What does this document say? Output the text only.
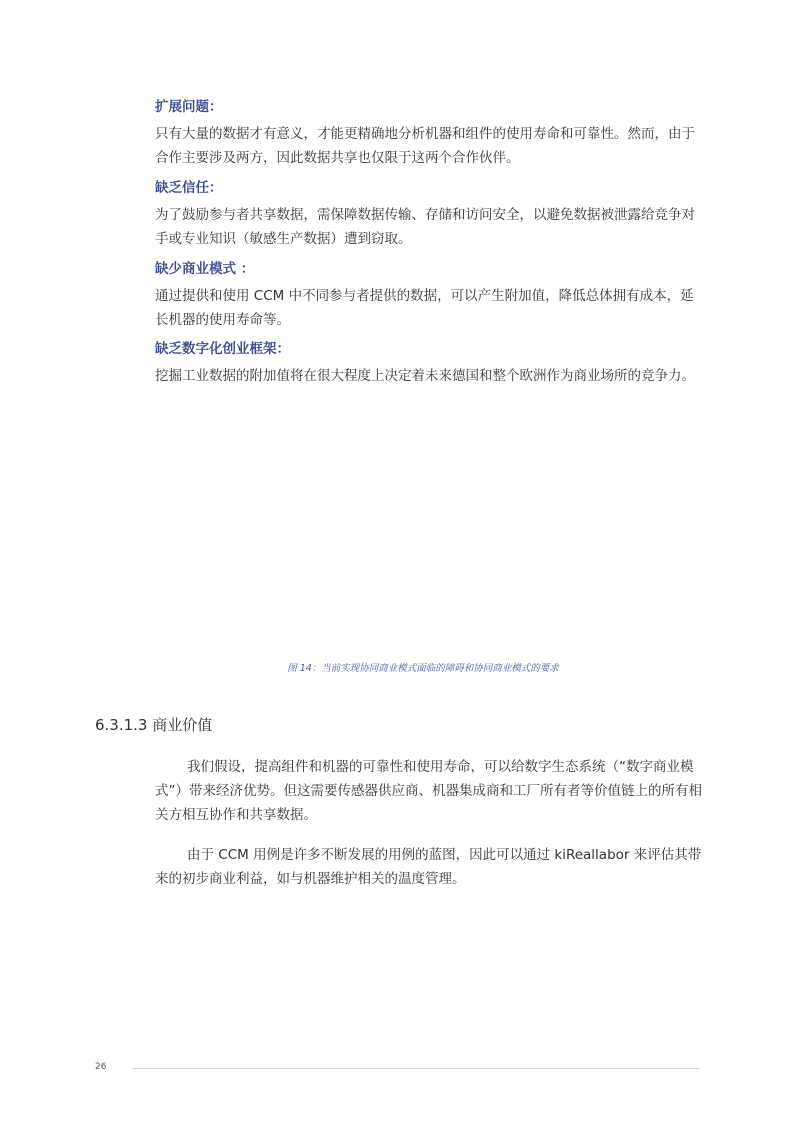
扩展问题：

只有大量的数据才有意义，才能更精确地分析机器和组件的使用寿命和可靠性。然而，由于合作主要涉及两方，因此数据共享也仅限于这两个合作伙伴。

缺乏信任：

为了鼓励参与者共享数据，需保障数据传输、存储和访问安全，以避免数据被泄露给竞争对手或专业知识（敏感生产数据）遭到窃取。

缺少商业模式 ：

通过提供和使用 CCM 中不同参与者提供的数据，可以产生附加值，降低总体拥有成本，延长机器的使用寿命等。

缺乏数字化创业框架：

挖掘工业数据的附加值将在很大程度上决定着未来德国和整个欧洲作为商业场所的竞争力。

图 14：当前实现协同商业模式面临的障碍和协同商业模式的要求
6.3.1.3 商业价值

我们假设，提高组件和机器的可靠性和使用寿命，可以给数字生态系统（“数字商业模式”）带来经济优势。但这需要传感器供应商、机器集成商和工厂所有者等价值链上的所有相关方相互协作和共享数据。

由于 CCM 用例是许多不断发展的用例的蓝图，因此可以通过 kiReallabor 来评估其带来的初步商业利益，如与机器维护相关的温度管理。

26
